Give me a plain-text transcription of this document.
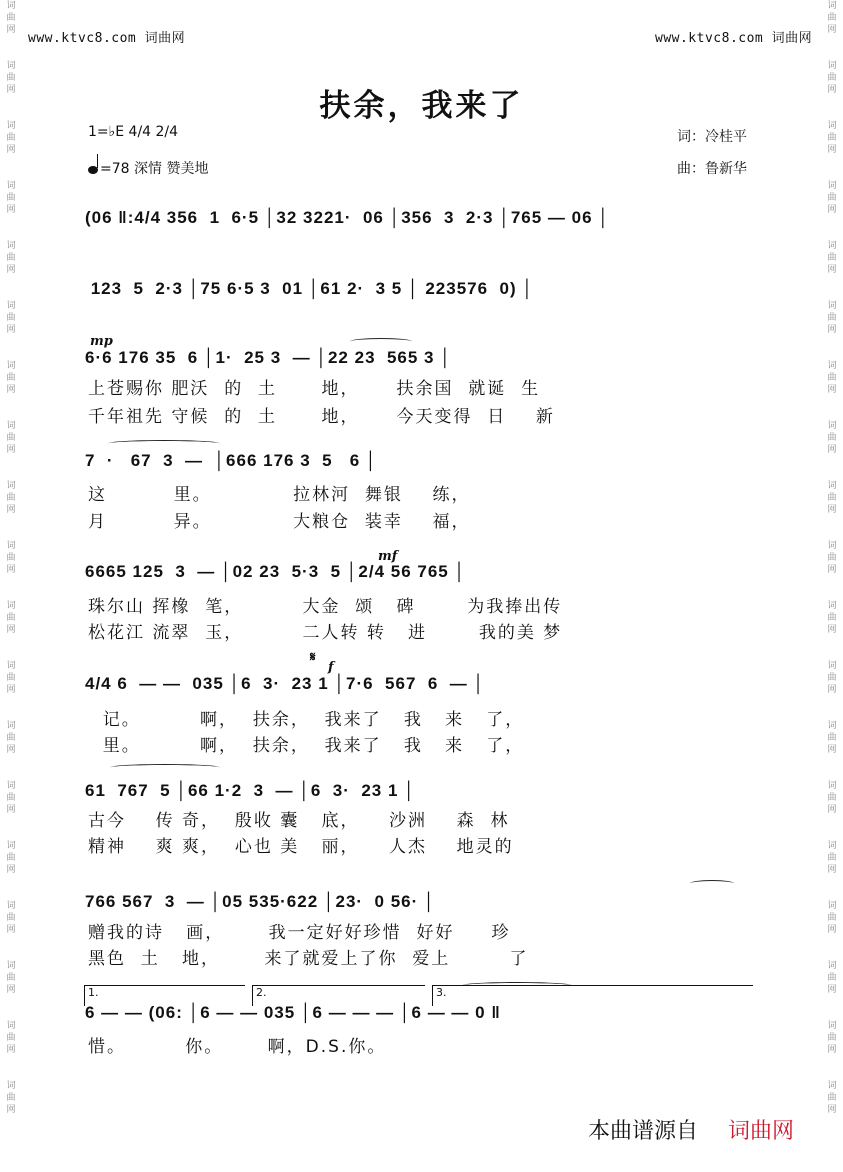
www.ktvc8.com 词曲网	www.ktvc8.com 词曲网
词
曲
网
词
曲
网
词
曲
网
词
曲
网
词
曲
网
词
曲
网
词
曲
网
词
曲
网
词
曲
网
词
曲
网
词
曲
网
词
曲
网
词
曲
网
词
曲
网
词
曲
网
词
曲
网
词
曲
网
词
曲
网
词
曲
网
词
曲
网
词
曲
网
词
曲
网
词
曲
网
词
曲
网
词
曲
网
词
曲
网
词
曲
网
词
曲
网
词
曲
网
词
曲
网
词
曲
网
词
曲
网
词
曲
网
词
曲
网
词
曲
网
词
曲
网
词
曲
网
词
曲
网
扶余，我来了
1=♭E 4/4 2/4
=78 深情 赞美地
词：冷桂平
曲：鲁新华
(06 ‖:4/4 356  1  6·5 │32 3221·  06 │356  3  2·3 │765 — 06 │
123  5  2·3 │75 6·5 3  01 │61 2·  3 5 │ 223576  0) │
6·6 176 35  6 │1·  25 3  — │22 23  565 3 │
上苍赐你 肥沃  的  土      地，     扶余国  就诞  生
千年祖先 守候  的  土      地，     今天变得  日    新
7  ·   67  3  —  │666 176 3  5   6 │
这         里。           拉林河  舞银    练，
月         异。           大粮仓  装幸    福，
6665 125  3  — │02 23  5·3  5 │2/4 56 765 │
珠尔山 挥橡  笔，        大金  颂   碑       为我捧出传
松花江 流翠  玉，        二人转 转   进       我的美 梦
4/4 6  — —  035 │6  3·  23 1 │7·6  567  6  — │
记。        啊，  扶余，  我来了   我   来   了，
里。        啊，  扶余，  我来了   我   来   了，
61  767  5 │66 1·2  3  — │6  3·  23 1 │
古今    传 奇，  殷收 囊   底，    沙洲    森  林
精神    爽 爽，  心也 美   丽，    人杰    地灵的
766 567  3  — │05 535·622 │23·  0 56· │
赠我的诗   画，      我一定好好珍惜  好好     珍
黑色  土   地，      来了就爱上了你  爱上        了
1.	2.	3.
6 — — (06: │6 — — 035 │6 — — — │6 — — 0 ‖
惜。        你。      啊，D.S.你。
mp
mf
𝄋
f
本曲谱源自 词曲网
